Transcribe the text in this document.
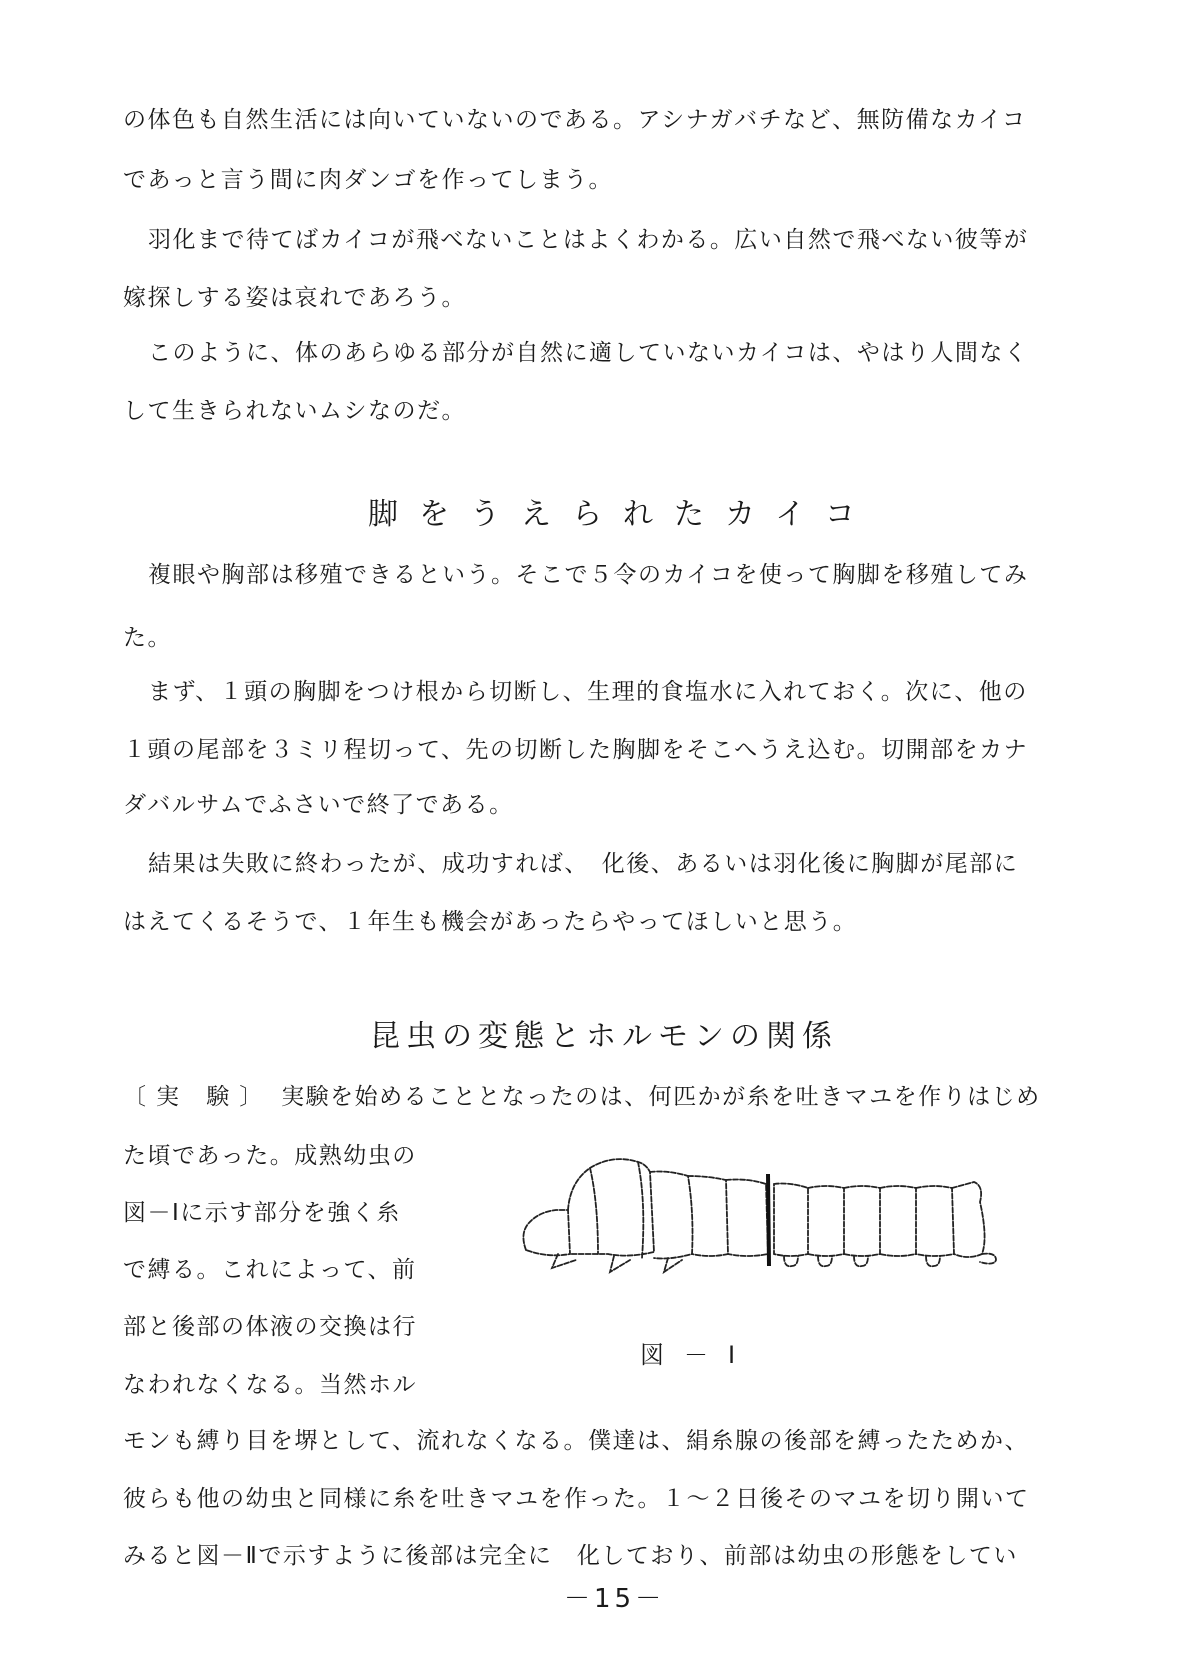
の体色も自然生活には向いていないのである。アシナガバチなど、無防備なカイコ
であっと言う間に肉ダンゴを作ってしまう。
羽化まで待てばカイコが飛べないことはよくわかる。広い自然で飛べない彼等が
嫁探しする姿は哀れであろう。
このように、体のあらゆる部分が自然に適していないカイコは、やはり人間なく
して生きられないムシなのだ。
脚をうえられたカイコ
複眼や胸部は移殖できるという。そこで５令のカイコを使って胸脚を移殖してみ
た。
まず、１頭の胸脚をつけ根から切断し、生理的食塩水に入れておく。次に、他の
１頭の尾部を３ミリ程切って、先の切断した胸脚をそこへうえ込む。切開部をカナ
ダバルサムでふさいで終了である。
結果は失敗に終わったが、成功すれば、　化後、あるいは羽化後に胸脚が尾部に
はえてくるそうで、１年生も機会があったらやってほしいと思う。
昆虫の変態とホルモンの関係
〔実 験〕 実験を始めることとなったのは、何匹かが糸を吐きマユを作りはじめ
た頃であった。成熟幼虫の
図－Ⅰに示す部分を強く糸
で縛る。これによって、前
部と後部の体液の交換は行
なわれなくなる。当然ホル
図－Ⅰ
モンも縛り目を堺として、流れなくなる。僕達は、絹糸腺の後部を縛ったためか、
彼らも他の幼虫と同様に糸を吐きマユを作った。１～２日後そのマユを切り開いて
みると図－Ⅱで示すように後部は完全に　化しており、前部は幼虫の形態をしてい
－15－
